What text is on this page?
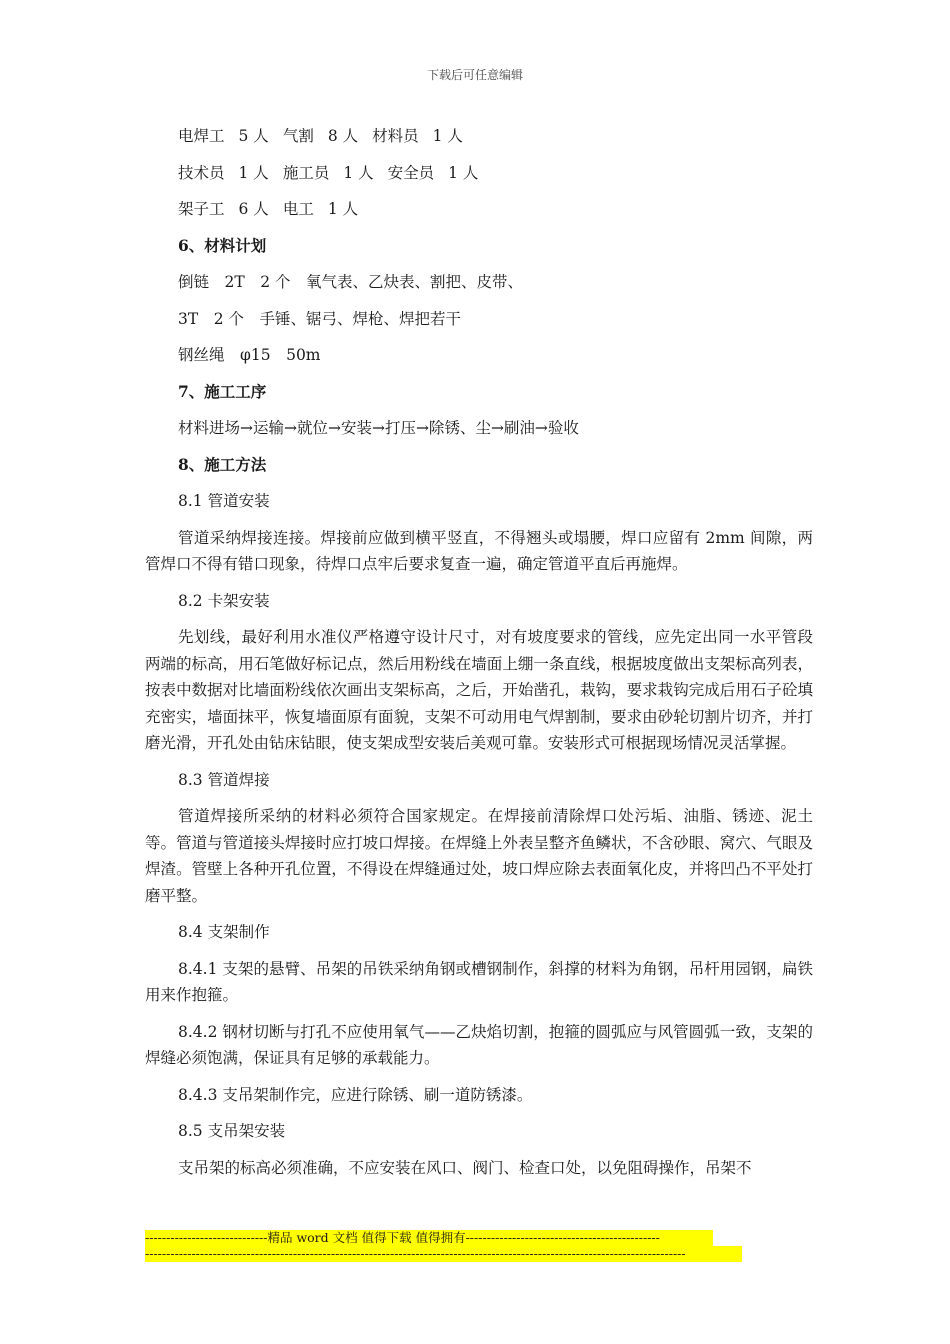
下载后可任意编辑
电焊工 5 人 气割 8 人 材料员 1 人
技术员 1 人 施工员 1 人 安全员 1 人
架子工 6 人 电工 1 人
6、材料计划
倒链　2T　2 个　氧气表、乙炔表、割把、皮带、
3T　2 个　手锤、锯弓、焊枪、焊把若干
钢丝绳　φ15　50m
7、施工工序
材料进场→运输→就位→安装→打压→除锈、尘→刷油→验收
8、施工方法
8.1 管道安装

管道采纳焊接连接。焊接前应做到横平竖直，不得翘头或塌腰，焊口应留有 2mm 间隙，两管焊口不得有错口现象，待焊口点牢后要求复查一遍，确定管道平直后再施焊。

8.2 卡架安装

先划线，最好利用水准仪严格遵守设计尺寸，对有坡度要求的管线，应先定出同一水平管段两端的标高，用石笔做好标记点，然后用粉线在墙面上绷一条直线，根据坡度做出支架标高列表，按表中数据对比墙面粉线依次画出支架标高，之后，开始凿孔，栽钩，要求栽钩完成后用石子砼填充密实，墙面抹平，恢复墙面原有面貌，支架不可动用电气焊割制，要求由砂轮切割片切齐，并打磨光滑，开孔处由钻床钻眼，使支架成型安装后美观可靠。安装形式可根据现场情况灵活掌握。

8.3 管道焊接

管道焊接所采纳的材料必须符合国家规定。在焊接前清除焊口处污垢、油脂、锈迹、泥土等。管道与管道接头焊接时应打坡口焊接。在焊缝上外表呈整齐鱼鳞状，不含砂眼、窝穴、气眼及焊渣。管壁上各种开孔位置，不得设在焊缝通过处，坡口焊应除去表面氧化皮，并将凹凸不平处打磨平整。

8.4 支架制作

8.4.1 支架的悬臂、吊架的吊铁采纳角钢或槽钢制作，斜撑的材料为角钢，吊杆用园钢，扁铁用来作抱箍。

8.4.2 钢材切断与打孔不应使用氧气——乙炔焰切割，抱箍的圆弧应与风管圆弧一致，支架的焊缝必须饱满，保证具有足够的承载能力。

8.4.3 支吊架制作完，应进行除锈、刷一道防锈漆。

8.5 支吊架安装

支吊架的标高必须准确，不应安装在风口、阀门、检查口处，以免阻碍操作，吊架不

-----------------------------精品 word 文档 值得下载 值得拥有----------------------------------------------
--------------------------------------------------------------------------------------------------------------------------------
